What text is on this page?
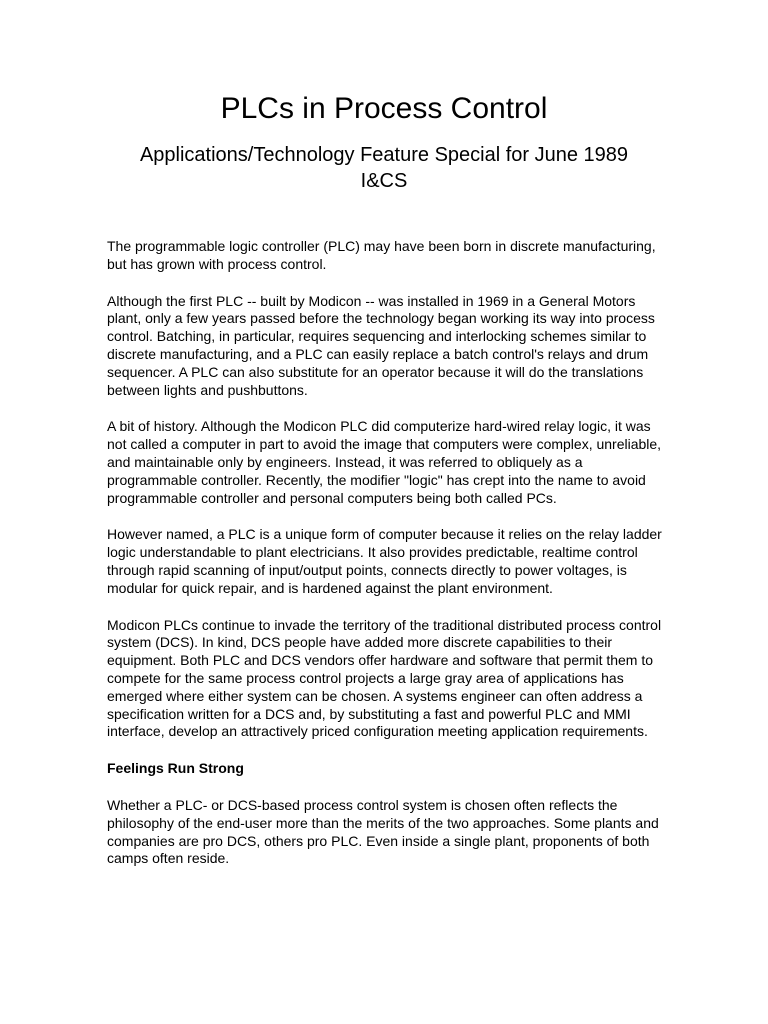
PLCs in Process Control
Applications/Technology Feature Special for June 1989
I&CS

The programmable logic controller (PLC) may have been born in discrete manufacturing, but has grown with process control.

Although the first PLC -- built by Modicon -- was installed in 1969 in a General Motors plant, only a few years passed before the technology began working its way into process control. Batching, in particular, requires sequencing and interlocking schemes similar to discrete manufacturing, and a PLC can easily replace a batch control's relays and drum sequencer. A PLC can also substitute for an operator because it will do the translations between lights and pushbuttons.

A bit of history. Although the Modicon PLC did computerize hard-wired relay logic, it was not called a computer in part to avoid the image that computers were complex, unreliable, and maintainable only by engineers. Instead, it was referred to obliquely as a programmable controller. Recently, the modifier "logic" has crept into the name to avoid programmable controller and personal computers being both called PCs.

However named, a PLC is a unique form of computer because it relies on the relay ladder logic understandable to plant electricians. It also provides predictable, realtime control through rapid scanning of input/output points, connects directly to power voltages, is modular for quick repair, and is hardened against the plant environment.

Modicon PLCs continue to invade the territory of the traditional distributed process control system (DCS). In kind, DCS people have added more discrete capabilities to their equipment. Both PLC and DCS vendors offer hardware and software that permit them to compete for the same process control projects a large gray area of applications has emerged where either system can be chosen. A systems engineer can often address a specification written for a DCS and, by substituting a fast and powerful PLC and MMI interface, develop an attractively priced configuration meeting application requirements.

Feelings Run Strong

Whether a PLC- or DCS-based process control system is chosen often reflects the philosophy of the end-user more than the merits of the two approaches. Some plants and companies are pro DCS, others pro PLC. Even inside a single plant, proponents of both camps often reside.
